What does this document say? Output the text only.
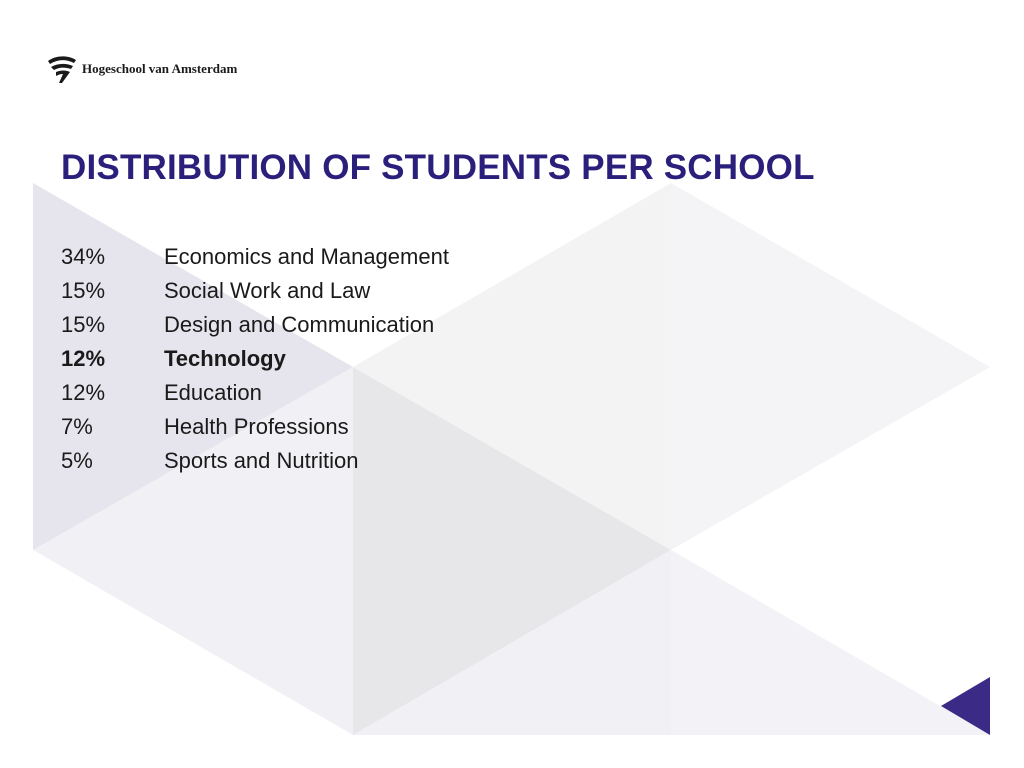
Hogeschool van Amsterdam
DISTRIBUTION OF STUDENTS PER SCHOOL
34%	Economics and Management
15%	Social Work and Law
15%	Design and Communication
12%	Technology
12%	Education
7%	Health Professions
5%	Sports and Nutrition
